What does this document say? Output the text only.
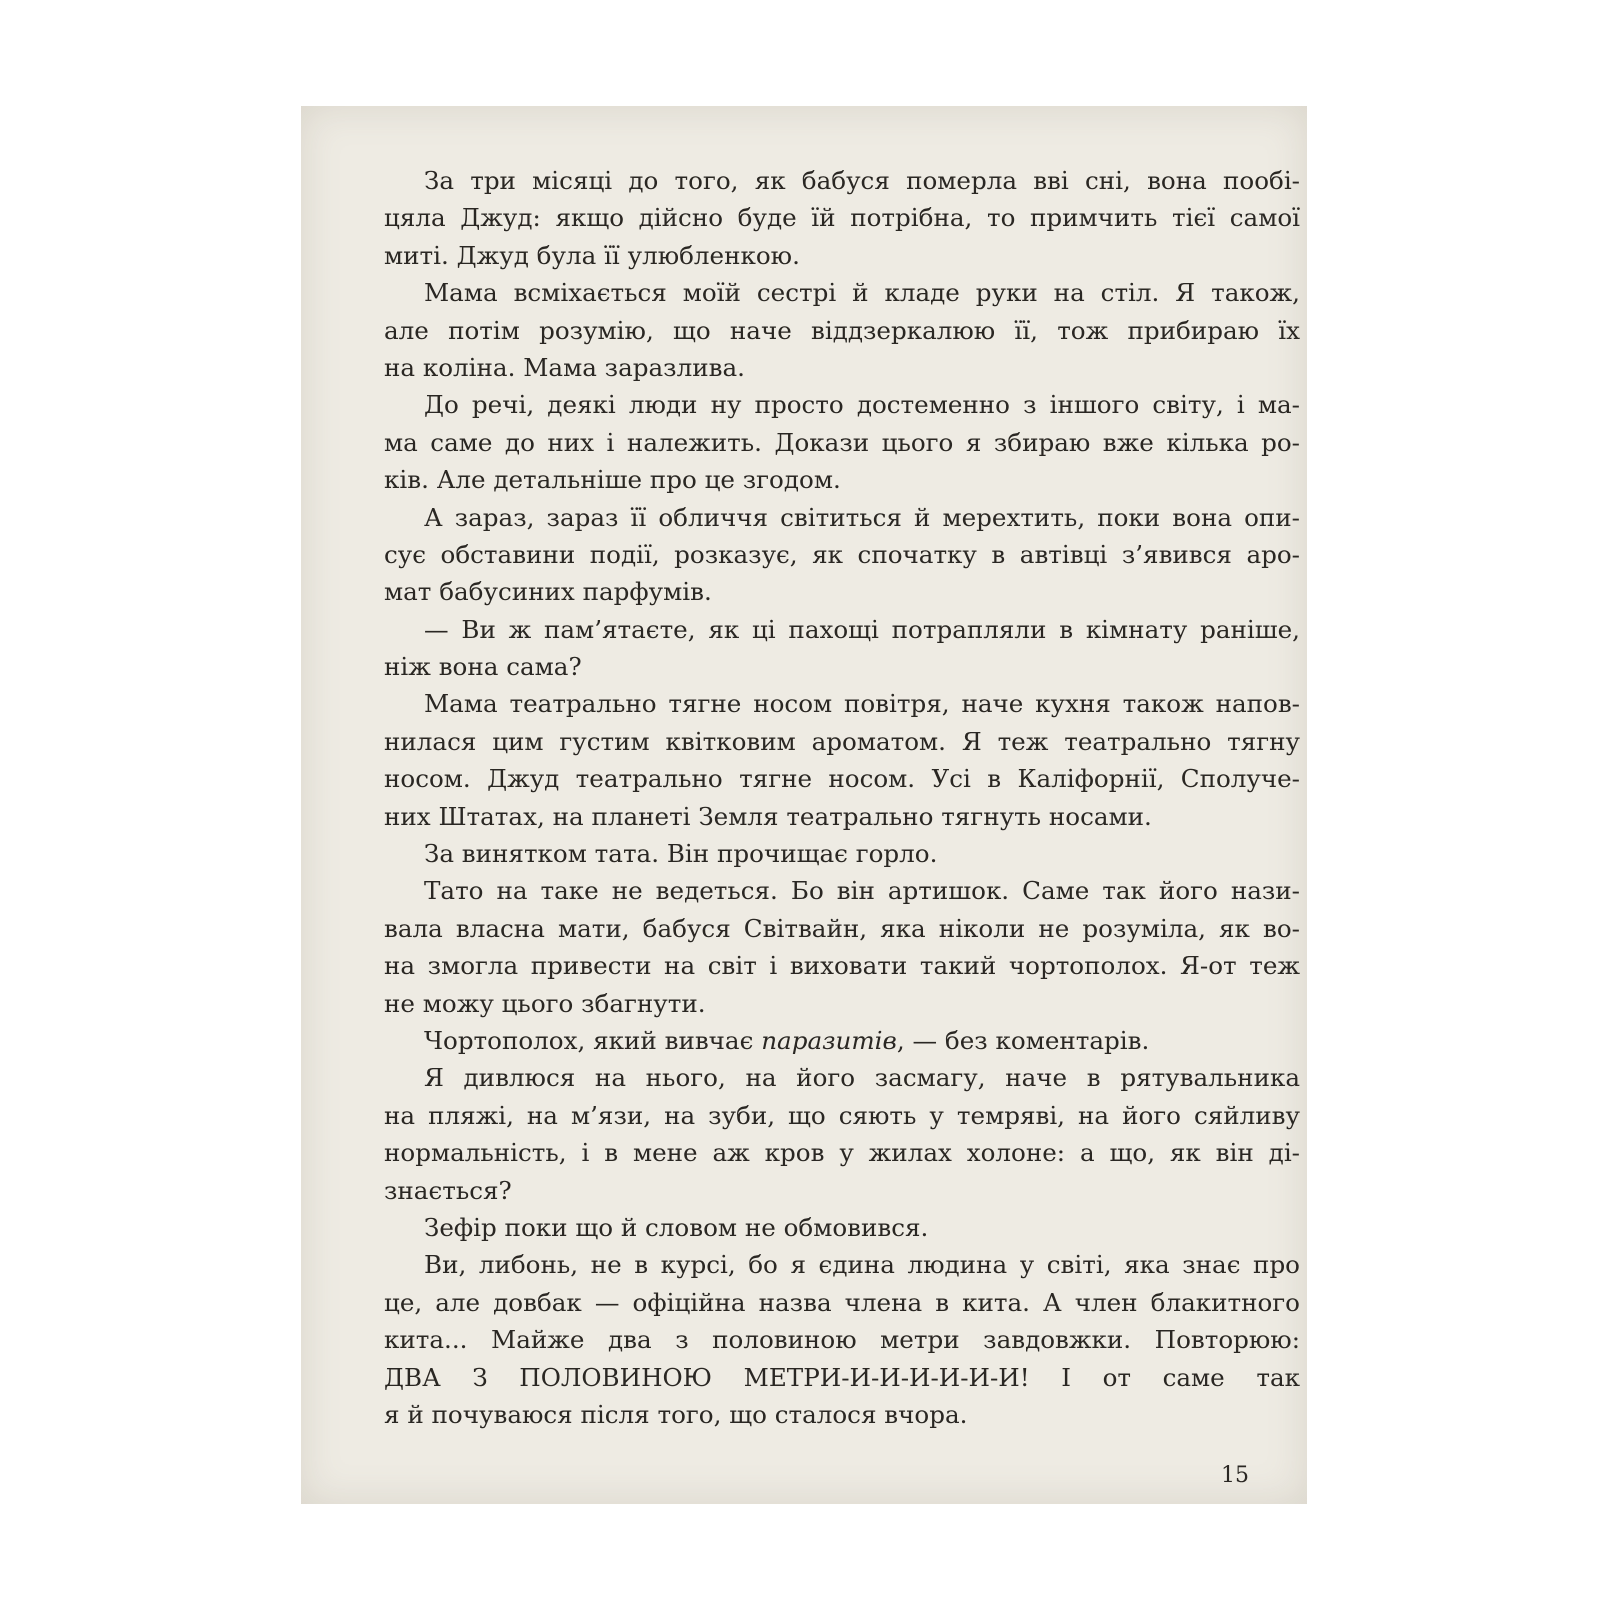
За три місяці до того, як бабуся померла вві сні, вона пообі-
цяла Джуд: якщо дійсно буде їй потрібна, то примчить тієї самої
миті. Джуд була її улюбленкою.
Мама всміхається моїй сестрі й кладе руки на стіл. Я також,
але потім розумію, що наче віддзеркалюю її, тож прибираю їх
на коліна. Мама заразлива.
До речі, деякі люди ну просто достеменно з іншого світу, і ма-
ма саме до них і належить. Докази цього я збираю вже кілька ро-
ків. Але детальніше про це згодом.
А зараз, зараз її обличчя світиться й мерехтить, поки вона опи-
сує обставини події, розказує, як спочатку в автівці з’явився аро-
мат бабусиних парфумів.
— Ви ж пам’ятаєте, як ці пахощі потрапляли в кімнату раніше,
ніж вона сама?
Мама театрально тягне носом повітря, наче кухня також напов-
нилася цим густим квітковим ароматом. Я теж театрально тягну
носом. Джуд театрально тягне носом. Усі в Каліфорнії, Сполуче-
них Штатах, на планеті Земля театрально тягнуть носами.
За винятком тата. Він прочищає горло.
Тато на таке не ведеться. Бо він артишок. Саме так його нази-
вала власна мати, бабуся Світвайн, яка ніколи не розуміла, як во-
на змогла привести на світ і виховати такий чортополох. Я-от теж
не можу цього збагнути.
Чортополох, який вивчає паразитів, — без коментарів.
Я дивлюся на нього, на його засмагу, наче в рятувальника
на пляжі, на м’язи, на зуби, що сяють у темряві, на його сяйливу
нормальність, і в мене аж кров у жилах холоне: а що, як він ді-
знається?
Зефір поки що й словом не обмовився.
Ви, либонь, не в курсі, бо я єдина людина у світі, яка знає про
це, але довбак — офіційна назва члена в кита. А член блакитного
кита... Майже два з половиною метри завдовжки. Повторюю:
ДВА З ПОЛОВИНОЮ МЕТРИ-И-И-И-И-И-И! І от саме так
я й почуваюся після того, що сталося вчора.
15
